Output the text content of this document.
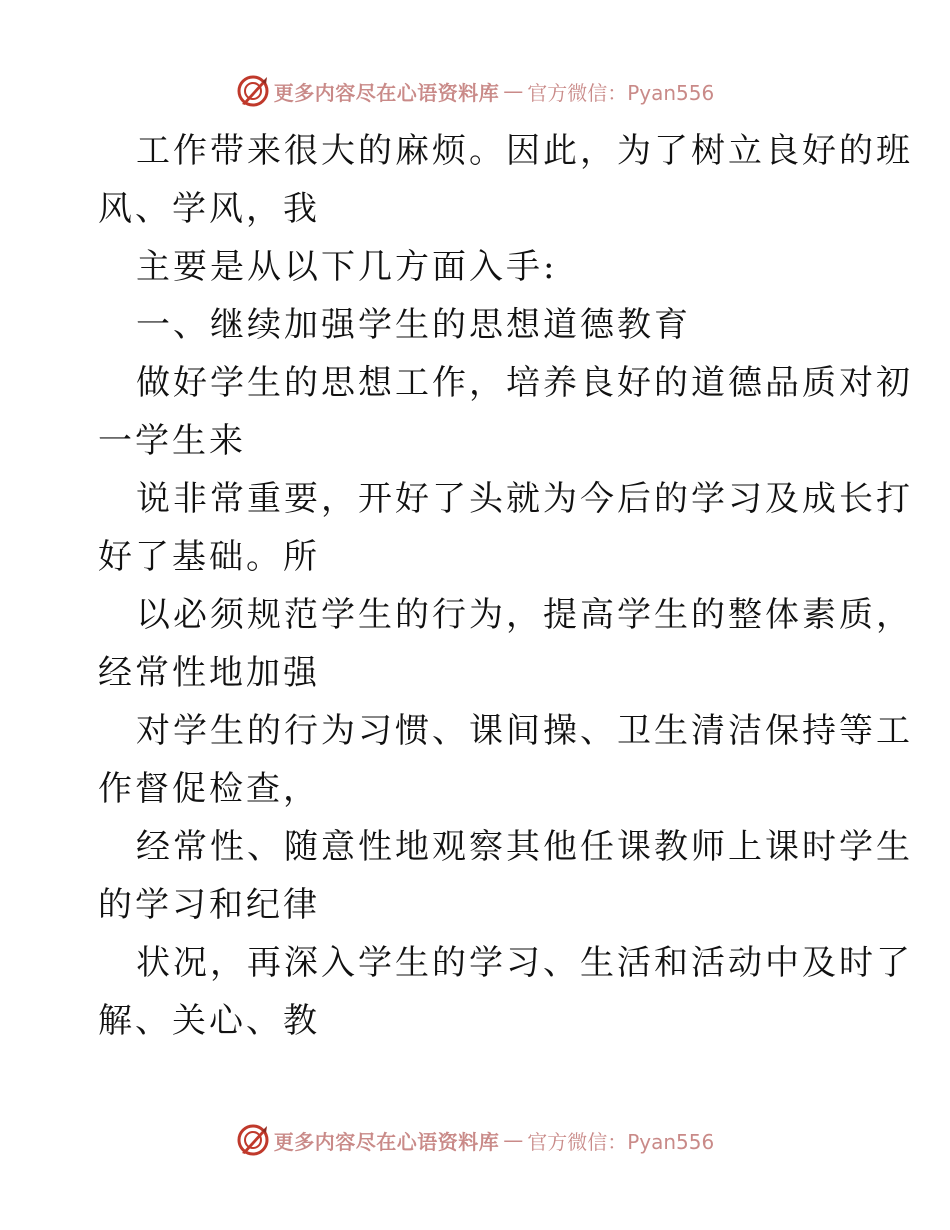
更多内容尽在心语资料库 — 官方微信：Pyan556
工作带来很大的麻烦。因此，为了树立良好的班
风、学风，我
主要是从以下几方面入手:
一、继续加强学生的思想道德教育
做好学生的思想工作，培养良好的道德品质对初
一学生来
说非常重要，开好了头就为今后的学习及成长打
好了基础。所
以必须规范学生的行为，提高学生的整体素质，
经常性地加强
对学生的行为习惯、课间操、卫生清洁保持等工
作督促检查，
经常性、随意性地观察其他任课教师上课时学生
的学习和纪律
状况，再深入学生的学习、生活和活动中及时了
解、关心、教
更多内容尽在心语资料库 — 官方微信：Pyan556
